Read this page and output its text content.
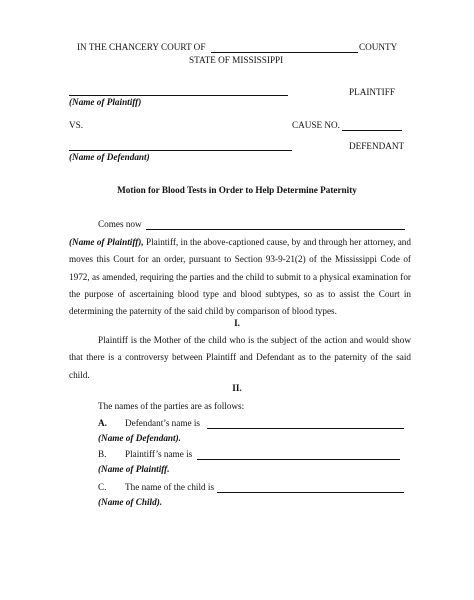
IN THE CHANCERY COURT OF	COUNTY
STATE OF MISSISSIPPI
PLAINTIFF
(Name of Plaintiff)
VS.	CAUSE NO.
DEFENDANT
(Name of Defendant)
Motion for Blood Tests in Order to Help Determine Paternity
Comes now
(Name of Plaintiff), Plaintiff, in the above-captioned cause, by and through her attorney, and moves this Court for an order, pursuant to Section 93-9-21(2) of the Mississippi Code of 1972, as amended, requiring the parties and the child to submit to a physical examination for the purpose of ascertaining blood type and blood subtypes, so as to assist the Court in determining the paternity of the said child by comparison of blood types.
I.
Plaintiff is the Mother of the child who is the subject of the action and would show that there is a controversy between Plaintiff and Defendant as to the paternity of the said child.
II.
The names of the parties are as follows:
A. Defendant’s name is
(Name of Defendant).
B. Plaintiff’s name is
(Name of Plaintiff.
C. The name of the child is
(Name of Child).
